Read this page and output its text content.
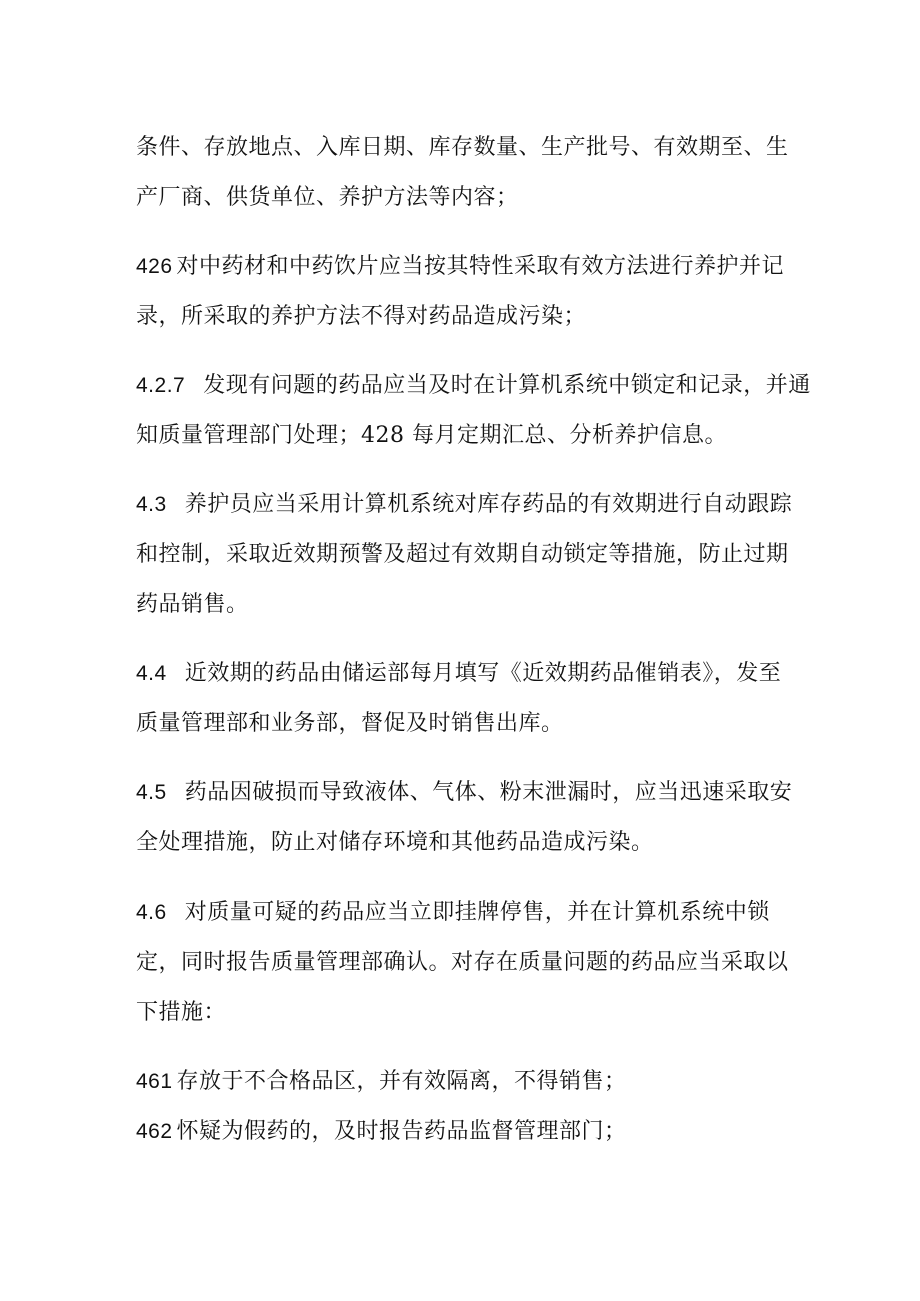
条件、存放地点、入库日期、库存数量、生产批号、有效期至、生

产厂商、供货单位、养护方法等内容；

426 对中药材和中药饮片应当按其特性采取有效方法进行养护并记

录，所采取的养护方法不得对药品造成污染；

4.2.7 发现有问题的药品应当及时在计算机系统中锁定和记录，并通

知质量管理部门处理；428 每月定期汇总、分析养护信息。

4.3 养护员应当采用计算机系统对库存药品的有效期进行自动跟踪

和控制，采取近效期预警及超过有效期自动锁定等措施，防止过期

药品销售。

4.4 近效期的药品由储运部每月填写《近效期药品催销表》，发至

质量管理部和业务部，督促及时销售出库。

4.5 药品因破损而导致液体、气体、粉末泄漏时，应当迅速采取安

全处理措施，防止对储存环境和其他药品造成污染。

4.6 对质量可疑的药品应当立即挂牌停售，并在计算机系统中锁

定，同时报告质量管理部确认。对存在质量问题的药品应当采取以

下措施：

461 存放于不合格品区，并有效隔离，不得销售；

462 怀疑为假药的，及时报告药品监督管理部门；
